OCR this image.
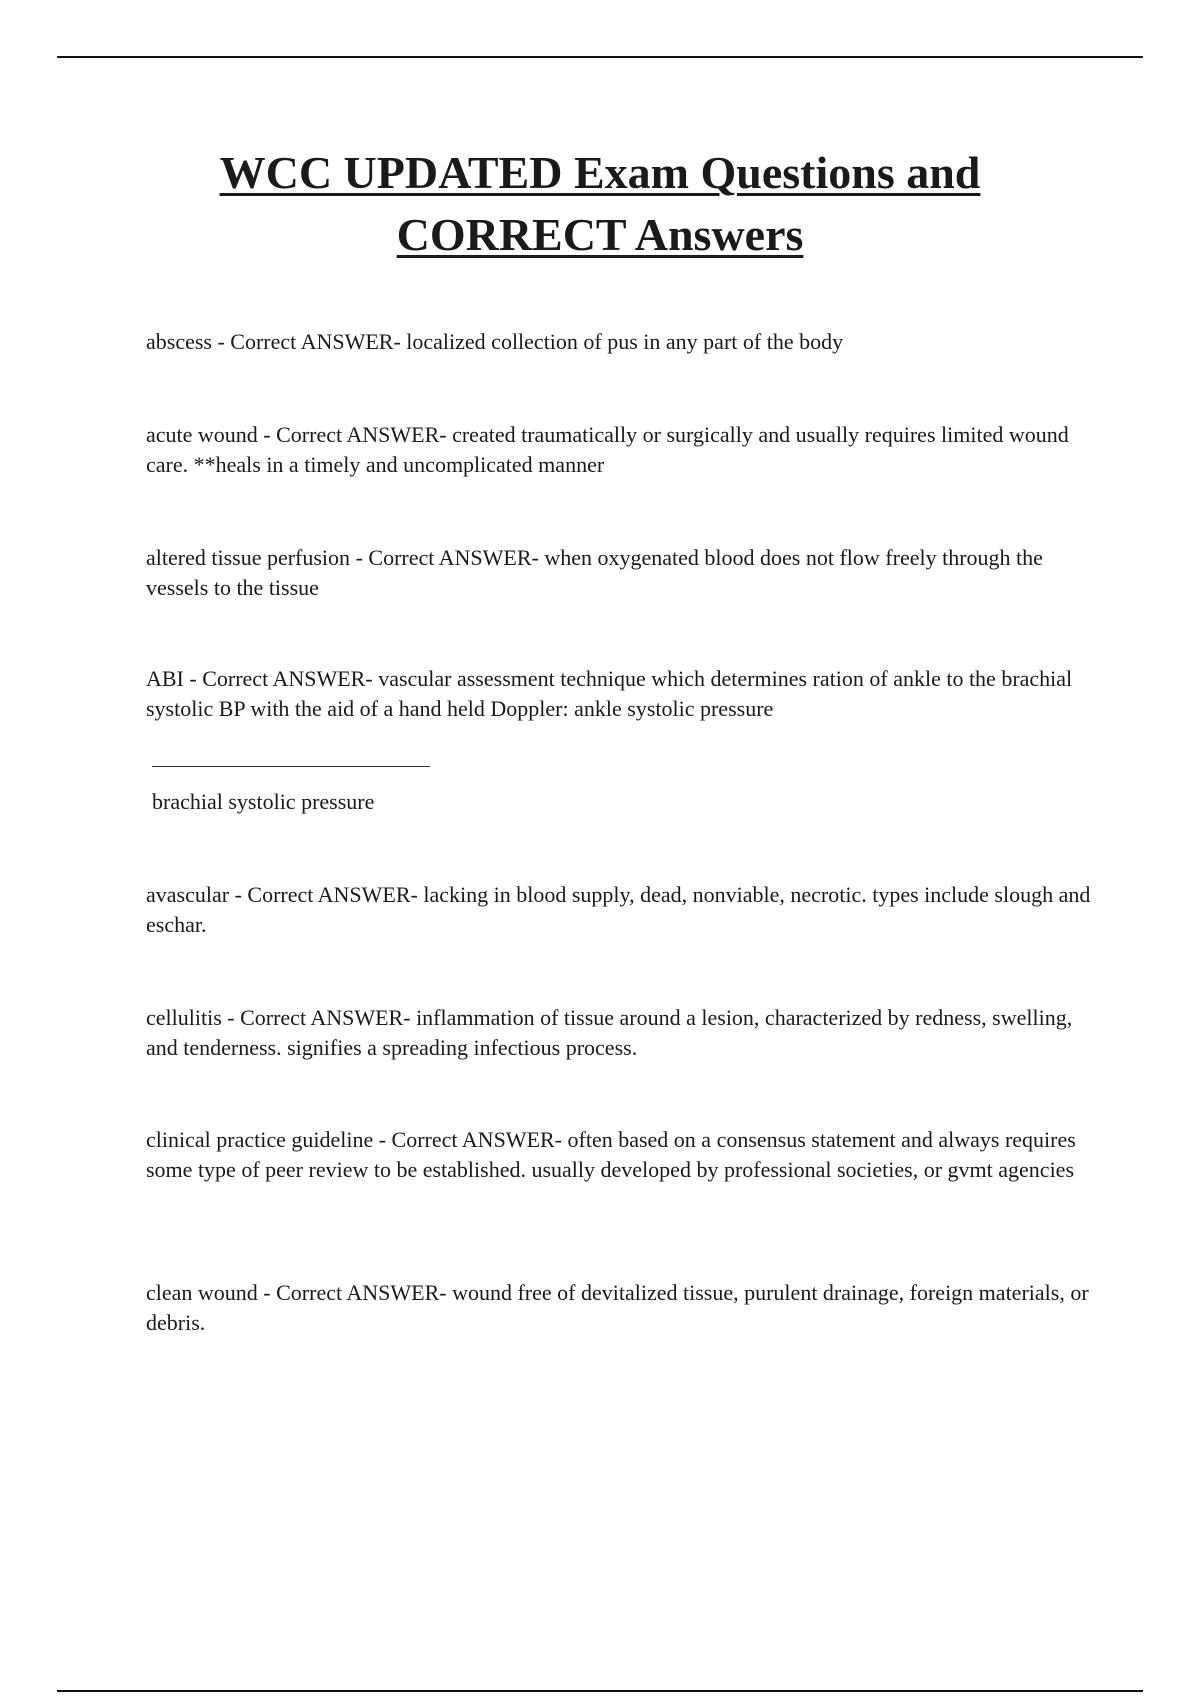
WCC UPDATED Exam Questions and
CORRECT Answers

abscess - Correct ANSWER- localized collection of pus in any part of the body

acute wound - Correct ANSWER- created traumatically or surgically and usually requires limited wound care. **heals in a timely and uncomplicated manner

altered tissue perfusion - Correct ANSWER- when oxygenated blood does not flow freely through the vessels to the tissue

ABI - Correct ANSWER- vascular assessment technique which determines ration of ankle to the brachial systolic BP with the aid of a hand held Doppler: ankle systolic pressure

brachial systolic pressure

avascular - Correct ANSWER- lacking in blood supply, dead, nonviable, necrotic. types include slough and eschar.

cellulitis - Correct ANSWER- inflammation of tissue around a lesion, characterized by redness, swelling, and tenderness. signifies a spreading infectious process.

clinical practice guideline - Correct ANSWER- often based on a consensus statement and always requires some type of peer review to be established. usually developed by professional societies, or gvmt agencies

clean wound - Correct ANSWER- wound free of devitalized tissue, purulent drainage, foreign materials, or debris.
